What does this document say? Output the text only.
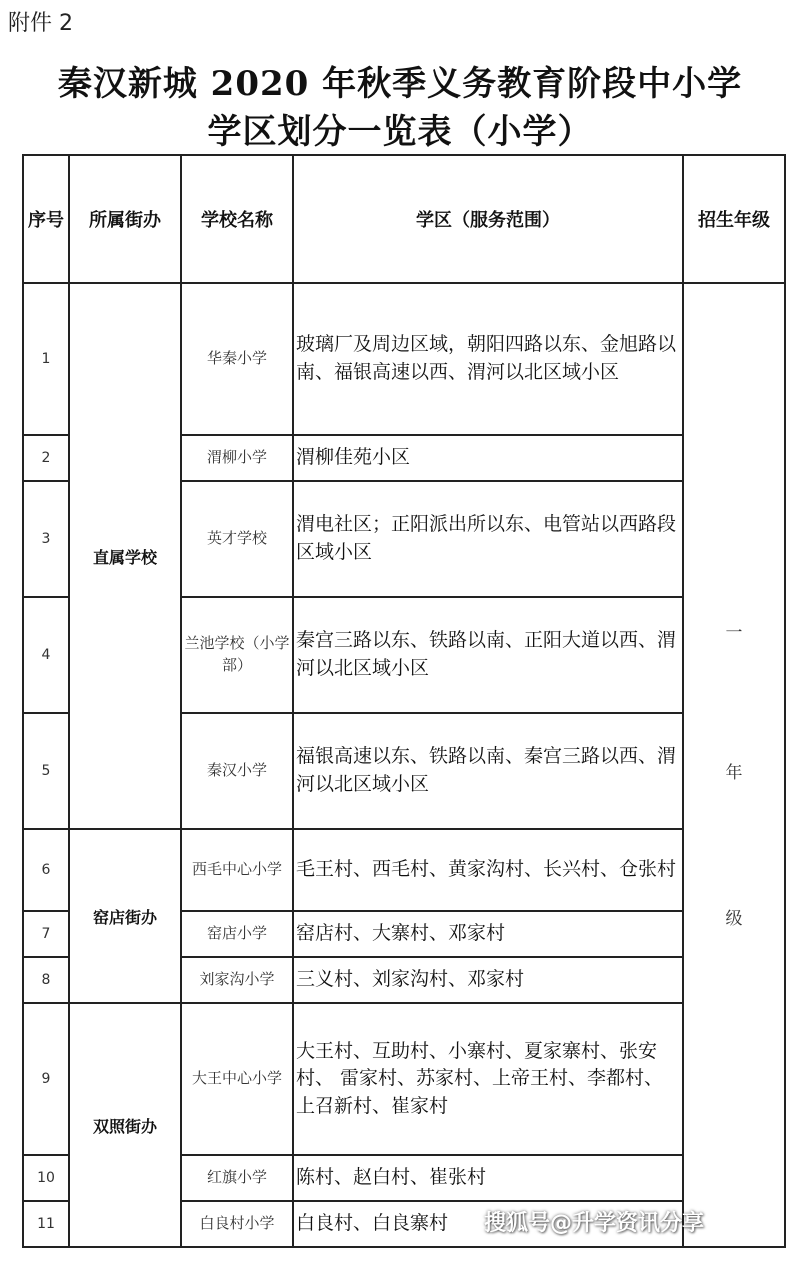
附件 2
秦汉新城 2020 年秋季义务教育阶段中小学
学区划分一览表（小学）
序号	所属街办	学校名称	学区（服务范围）	招生年级
1	直属学校	华秦小学	玻璃厂及周边区域，朝阳四路以东、金旭路以南、福银高速以西、渭河以北区域小区	一
年
级

2		渭柳小学	渭柳佳苑小区	
3		英才学校	渭电社区；正阳派出所以东、电管站以西路段区域小区	
4		兰池学校（小学部）	秦宫三路以东、铁路以南、正阳大道以西、渭河以北区域小区	
5		秦汉小学	福银高速以东、铁路以南、秦宫三路以西、渭河以北区域小区	
6	窑店街办	西毛中心小学	毛王村、西毛村、黄家沟村、长兴村、仓张村	
7		窑店小学	窑店村、大寨村、邓家村	
8		刘家沟小学	三义村、刘家沟村、邓家村	
9	双照街办	大王中心小学	大王村、互助村、小寨村、夏家寨村、张安村、 雷家村、苏家村、上帝王村、李都村、上召新村、崔家村	
10		红旗小学	陈村、赵白村、崔张村	
11		白良村小学	白良村、白良寨村	搜狐号@升学资讯分享
